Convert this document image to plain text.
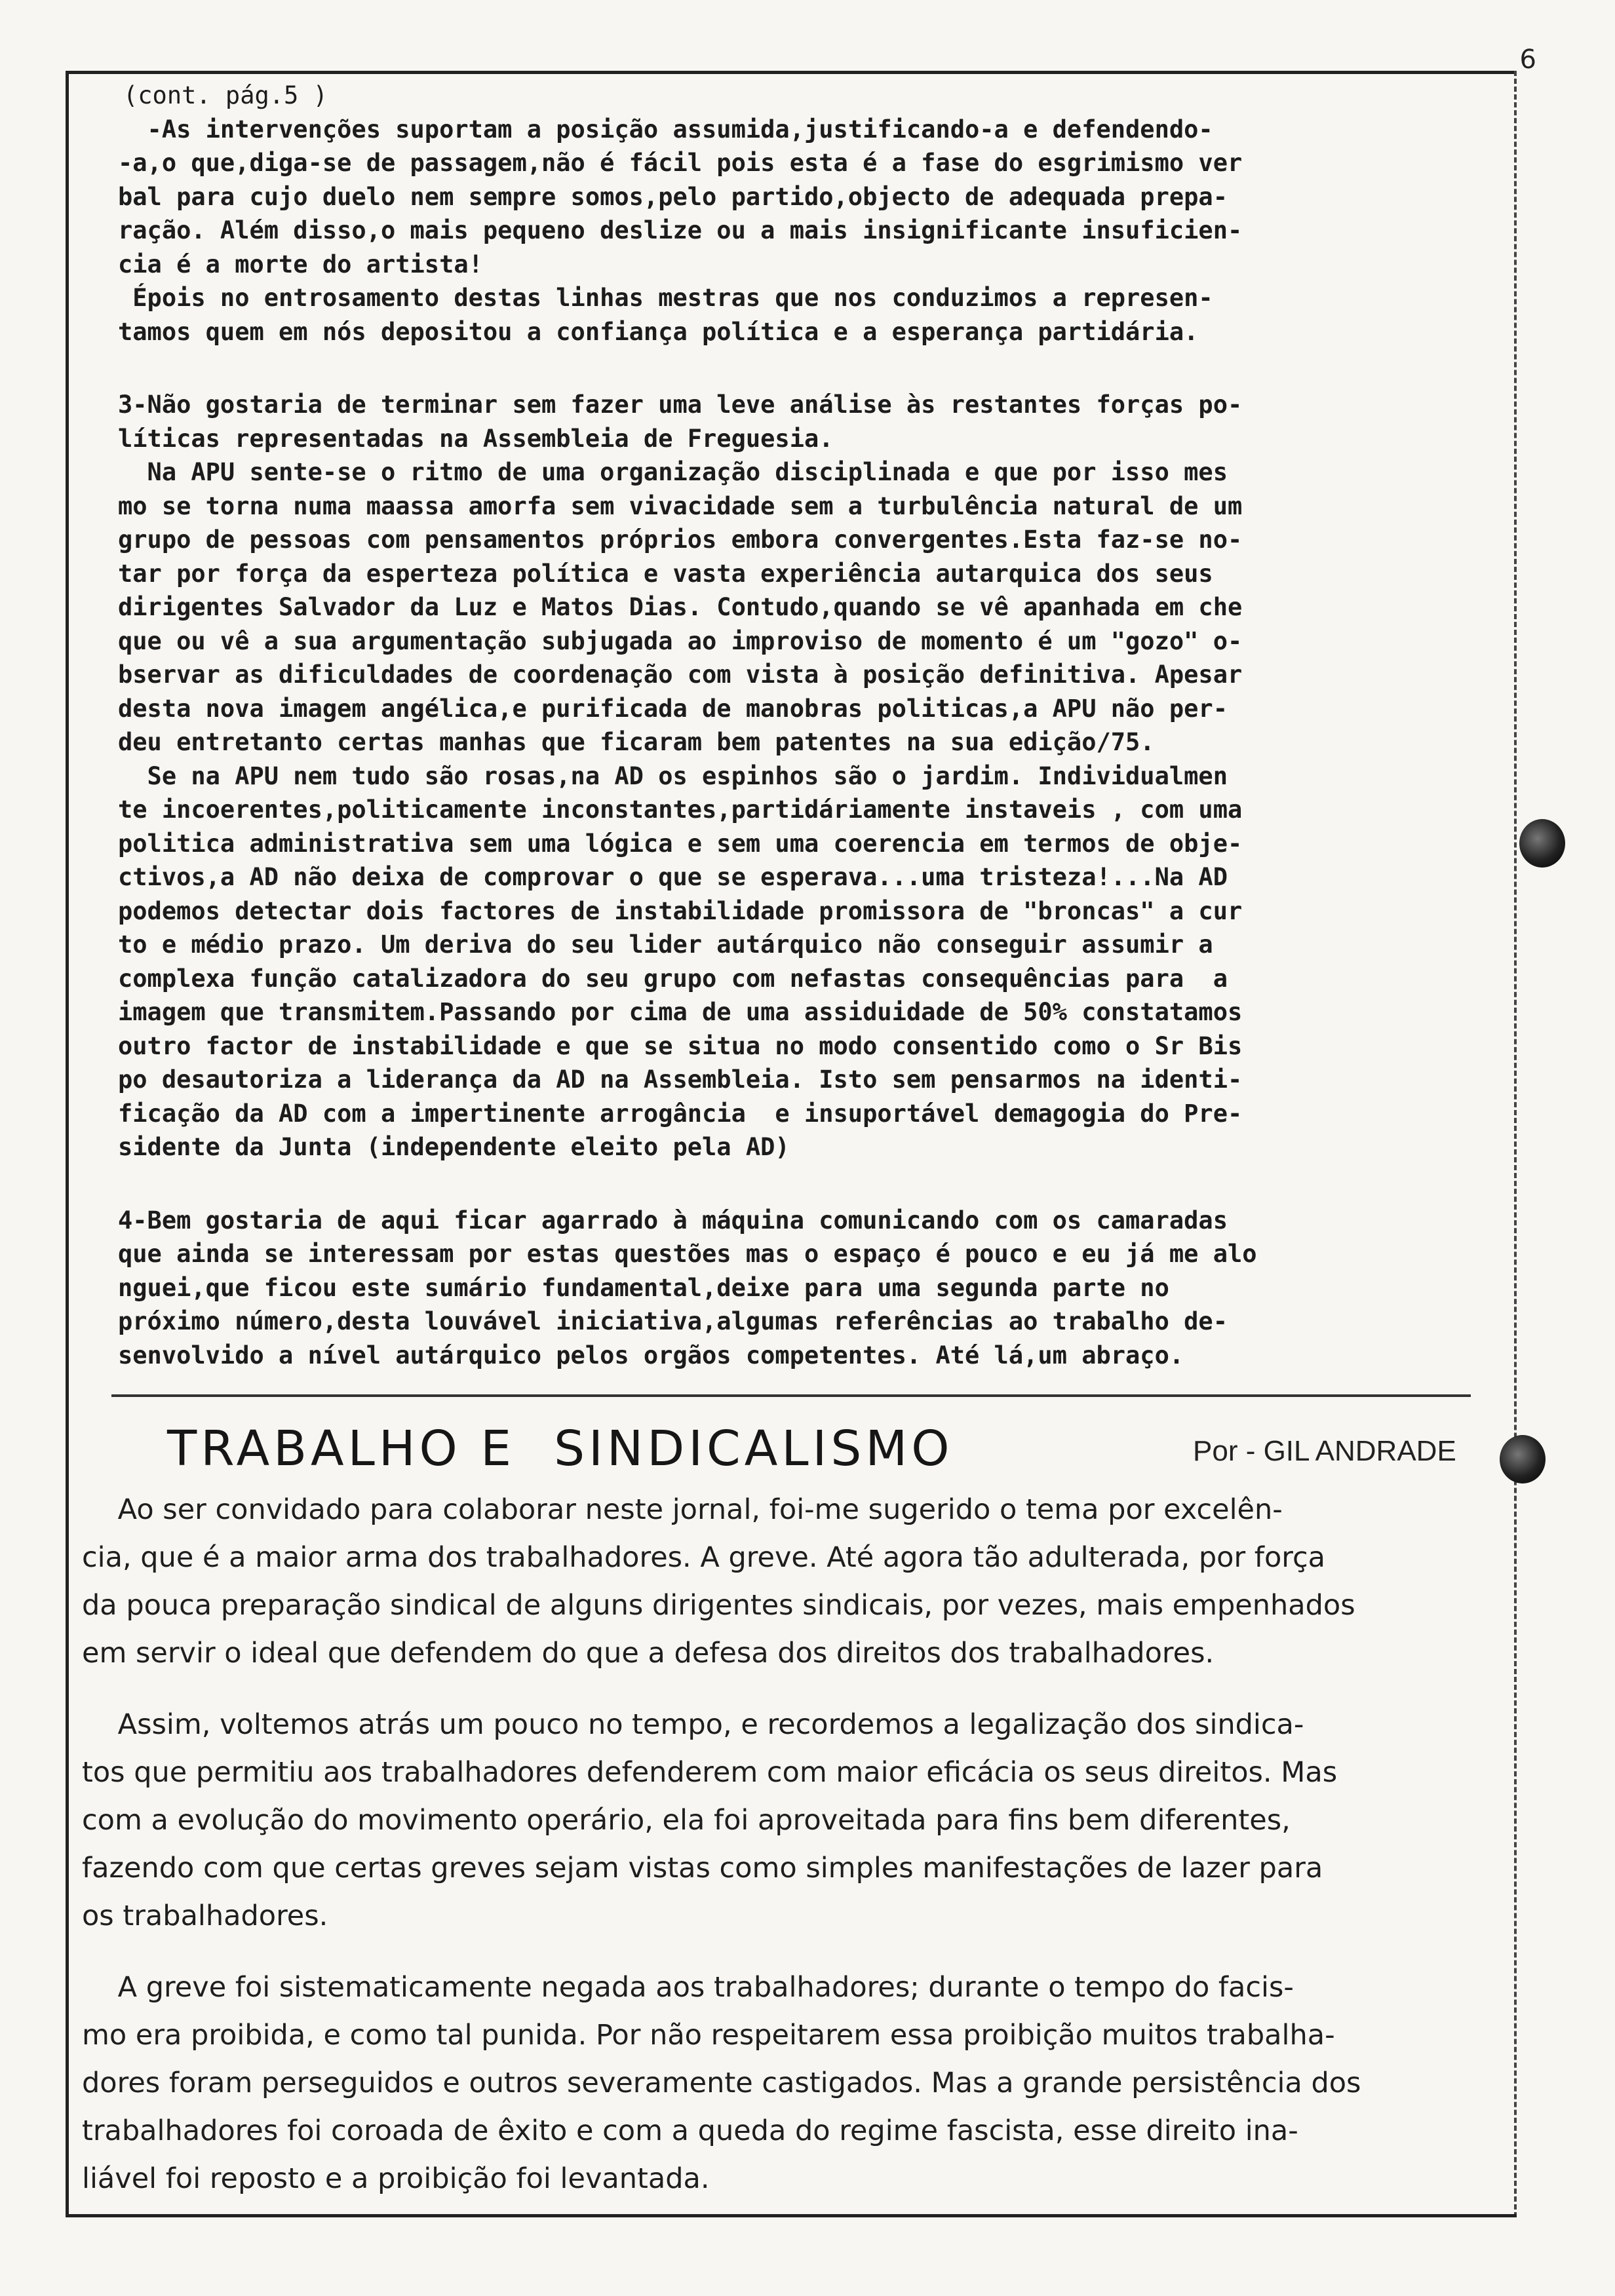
6

(cont. pág.5 )

-As intervenções suportam a posição assumida,justificando-a e defendendo-

-a,o que,diga-se de passagem,não é fácil pois esta é a fase do esgrimismo ver

bal para cujo duelo nem sempre somos,pelo partido,objecto de adequada prepa-

ração. Além disso,o mais pequeno deslize ou a mais insignificante insuficien-

cia é a morte do artista!

Épois no entrosamento destas linhas mestras que nos conduzimos a represen-

tamos quem em nós depositou a confiança política e a esperança partidária.

3-Não gostaria de terminar sem fazer uma leve análise às restantes forças po-

líticas representadas na Assembleia de Freguesia.

Na APU sente-se o ritmo de uma organização disciplinada e que por isso mes

mo se torna numa maassa amorfa sem vivacidade sem a turbulência natural de um

grupo de pessoas com pensamentos próprios embora convergentes.Esta faz-se no-

tar por força da esperteza política e vasta experiência autarquica dos seus

dirigentes Salvador da Luz e Matos Dias. Contudo,quando se vê apanhada em che

que ou vê a sua argumentação subjugada ao improviso de momento é um "gozo" o-

bservar as dificuldades de coordenação com vista à posição definitiva. Apesar

desta nova imagem angélica,e purificada de manobras politicas,a APU não per-

deu entretanto certas manhas que ficaram bem patentes na sua edição/75.

Se na APU nem tudo são rosas,na AD os espinhos são o jardim. Individualmen

te incoerentes,politicamente inconstantes,partidáriamente instaveis , com uma

politica administrativa sem uma lógica e sem uma coerencia em termos de obje-

ctivos,a AD não deixa de comprovar o que se esperava...uma tristeza!...Na AD

podemos detectar dois factores de instabilidade promissora de "broncas" a cur

to e médio prazo. Um deriva do seu lider autárquico não conseguir assumir a

complexa função catalizadora do seu grupo com nefastas consequências para  a

imagem que transmitem.Passando por cima de uma assiduidade de 50% constatamos

outro factor de instabilidade e que se situa no modo consentido como o Sr Bis

po desautoriza a liderança da AD na Assembleia. Isto sem pensarmos na identi-

ficação da AD com a impertinente arrogância  e insuportável demagogia do Pre-

sidente da Junta (independente eleito pela AD)

4-Bem gostaria de aqui ficar agarrado à máquina comunicando com os camaradas

que ainda se interessam por estas questões mas o espaço é pouco e eu já me alo

nguei,que ficou este sumário fundamental,deixe para uma segunda parte no

próximo número,desta louvável iniciativa,algumas referências ao trabalho de-

senvolvido a nível autárquico pelos orgãos competentes. Até lá,um abraço.

TRABALHO E  SINDICALISMO	Por - GIL ANDRADE

Ao ser convidado para colaborar neste jornal, foi-me sugerido o tema por excelên-

cia, que é a maior arma dos trabalhadores. A greve. Até agora tão adulterada, por força

da pouca preparação sindical de alguns dirigentes sindicais, por vezes, mais empenhados

em servir o ideal que defendem do que a defesa dos direitos dos trabalhadores.

Assim, voltemos atrás um pouco no tempo, e recordemos a legalização dos sindica-

tos que permitiu aos trabalhadores defenderem com maior eficácia os seus direitos. Mas

com a evolução do movimento operário, ela foi aproveitada para fins bem diferentes,

fazendo com que certas greves sejam vistas como simples manifestações de lazer para

os trabalhadores.

A greve foi sistematicamente negada aos trabalhadores; durante o tempo do facis-

mo era proibida, e como tal punida. Por não respeitarem essa proibição muitos trabalha-

dores foram perseguidos e outros severamente castigados. Mas a grande persistência dos

trabalhadores foi coroada de êxito e com a queda do regime fascista, esse direito ina-

liável foi reposto e a proibição foi levantada.
